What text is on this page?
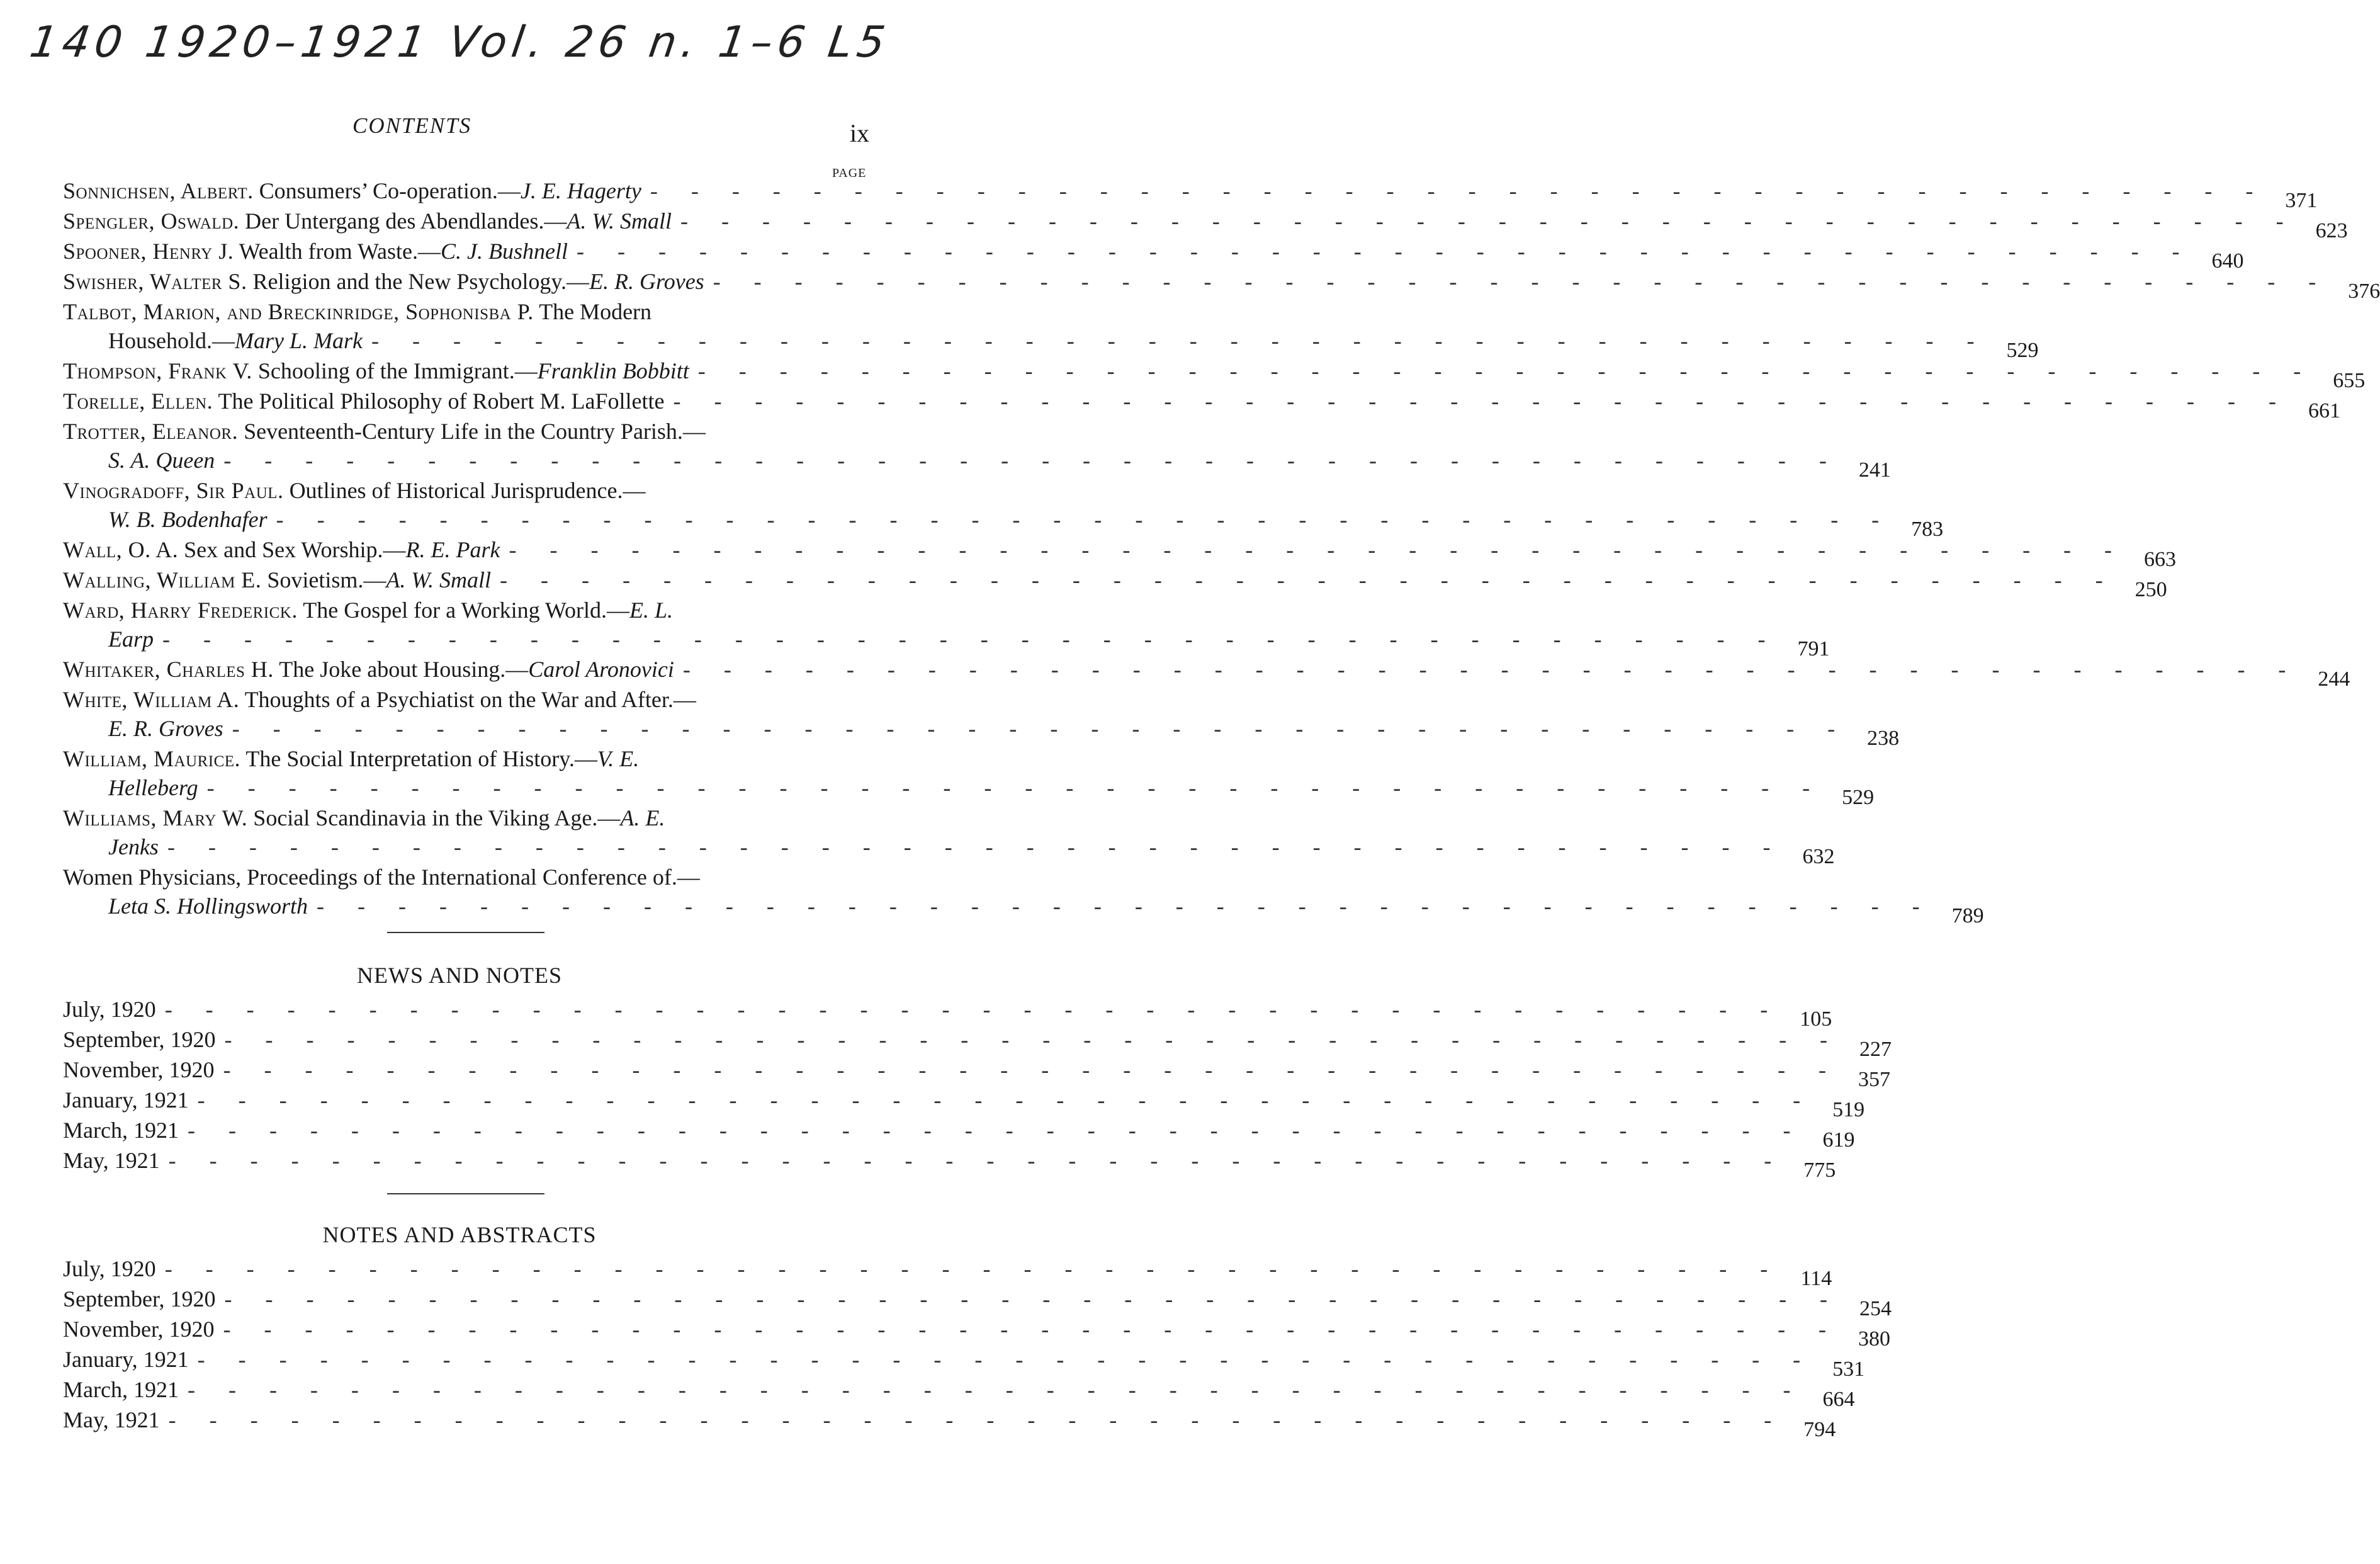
140 1920–1921 Vol. 26 n. 1–6 L5
CONTENTS	ix
PAGE
Sonnichsen, Albert. Consumers’ Co-operation.—J. E. Hagerty - - - - - - - - - - - - - - - - - - - - - - - - - - - - - - - - - - - - - - - - 371
Spengler, Oswald. Der Untergang des Abendlandes.—A. W. Small - - - - - - - - - - - - - - - - - - - - - - - - - - - - - - - - - - - - - - - - 623
Spooner, Henry J. Wealth from Waste.—C. J. Bushnell - - - - - - - - - - - - - - - - - - - - - - - - - - - - - - - - - - - - - - - - 640
Swisher, Walter S. Religion and the New Psychology.—E. R. Groves - - - - - - - - - - - - - - - - - - - - - - - - - - - - - - - - - - - - - - - - 376
Talbot, Marion, and Breckinridge, Sophonisba P. The Modern
Household.—Mary L. Mark - - - - - - - - - - - - - - - - - - - - - - - - - - - - - - - - - - - - - - - - 529
Thompson, Frank V. Schooling of the Immigrant.—Franklin Bobbitt - - - - - - - - - - - - - - - - - - - - - - - - - - - - - - - - - - - - - - - - 655
Torelle, Ellen. The Political Philosophy of Robert M. LaFollette - - - - - - - - - - - - - - - - - - - - - - - - - - - - - - - - - - - - - - - - 661
Trotter, Eleanor. Seventeenth-Century Life in the Country Parish.—
S. A. Queen - - - - - - - - - - - - - - - - - - - - - - - - - - - - - - - - - - - - - - - - 241
Vinogradoff, Sir Paul. Outlines of Historical Jurisprudence.—
W. B. Bodenhafer - - - - - - - - - - - - - - - - - - - - - - - - - - - - - - - - - - - - - - - - 783
Wall, O. A. Sex and Sex Worship.—R. E. Park - - - - - - - - - - - - - - - - - - - - - - - - - - - - - - - - - - - - - - - - 663
Walling, William E. Sovietism.—A. W. Small - - - - - - - - - - - - - - - - - - - - - - - - - - - - - - - - - - - - - - - - 250
Ward, Harry Frederick. The Gospel for a Working World.—E. L.
Earp - - - - - - - - - - - - - - - - - - - - - - - - - - - - - - - - - - - - - - - - 791
Whitaker, Charles H. The Joke about Housing.—Carol Aronovici - - - - - - - - - - - - - - - - - - - - - - - - - - - - - - - - - - - - - - - - 244
White, William A. Thoughts of a Psychiatist on the War and After.—
E. R. Groves - - - - - - - - - - - - - - - - - - - - - - - - - - - - - - - - - - - - - - - - 238
William, Maurice. The Social Interpretation of History.—V. E.
Helleberg - - - - - - - - - - - - - - - - - - - - - - - - - - - - - - - - - - - - - - - - 529
Williams, Mary W. Social Scandinavia in the Viking Age.—A. E.
Jenks - - - - - - - - - - - - - - - - - - - - - - - - - - - - - - - - - - - - - - - - 632
Women Physicians, Proceedings of the International Conference of.—
Leta S. Hollingsworth - - - - - - - - - - - - - - - - - - - - - - - - - - - - - - - - - - - - - - - - 789
NEWS AND NOTES
July, 1920 - - - - - - - - - - - - - - - - - - - - - - - - - - - - - - - - - - - - - - - - 105
September, 1920 - - - - - - - - - - - - - - - - - - - - - - - - - - - - - - - - - - - - - - - - 227
November, 1920 - - - - - - - - - - - - - - - - - - - - - - - - - - - - - - - - - - - - - - - - 357
January, 1921 - - - - - - - - - - - - - - - - - - - - - - - - - - - - - - - - - - - - - - - - 519
March, 1921 - - - - - - - - - - - - - - - - - - - - - - - - - - - - - - - - - - - - - - - - 619
May, 1921 - - - - - - - - - - - - - - - - - - - - - - - - - - - - - - - - - - - - - - - - 775
NOTES AND ABSTRACTS
July, 1920 - - - - - - - - - - - - - - - - - - - - - - - - - - - - - - - - - - - - - - - - 114
September, 1920 - - - - - - - - - - - - - - - - - - - - - - - - - - - - - - - - - - - - - - - - 254
November, 1920 - - - - - - - - - - - - - - - - - - - - - - - - - - - - - - - - - - - - - - - - 380
January, 1921 - - - - - - - - - - - - - - - - - - - - - - - - - - - - - - - - - - - - - - - - 531
March, 1921 - - - - - - - - - - - - - - - - - - - - - - - - - - - - - - - - - - - - - - - - 664
May, 1921 - - - - - - - - - - - - - - - - - - - - - - - - - - - - - - - - - - - - - - - - 794
